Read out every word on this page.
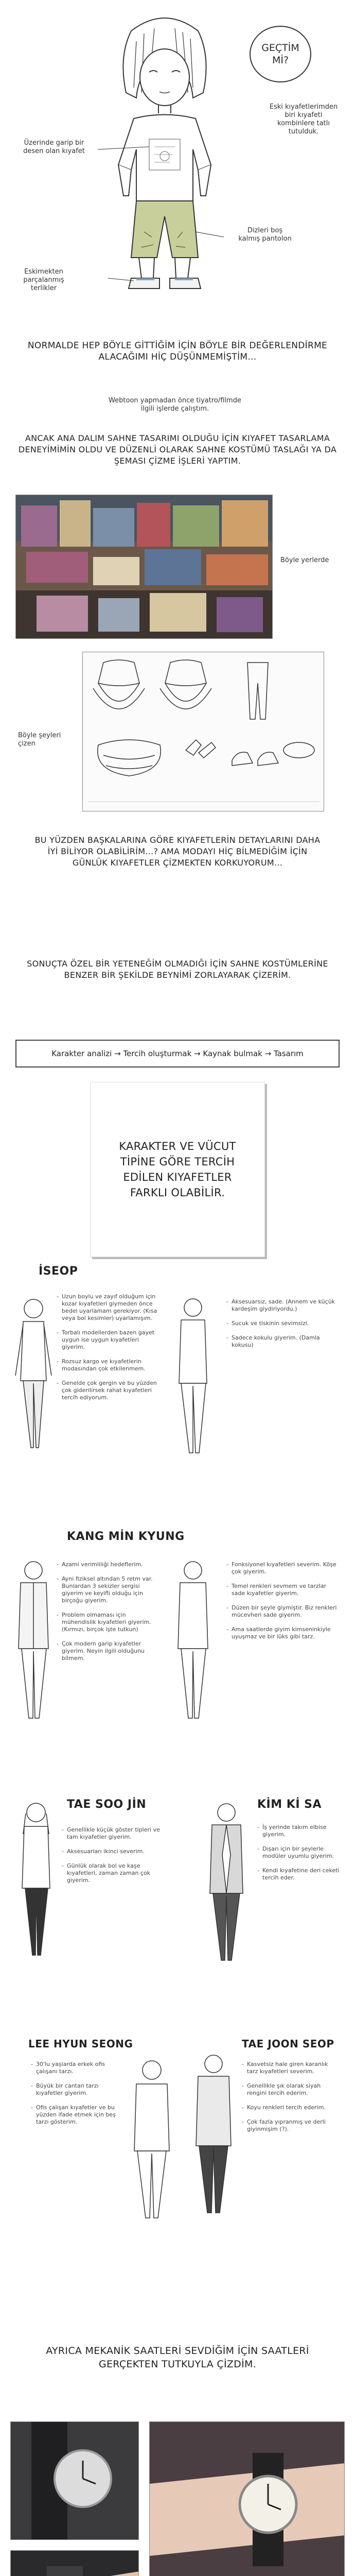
GEÇTİM Mİ?
Üzerinde garip bir desen olan kıyafet
Eski kıyafetlerimden biri kıyafeti kombinlere tatlı tutulduk.
Dizleri boş kalmış pantolon
Eskimekten parçalanmış terlikler
NORMALDE HEP BÖYLE GİTTİĞİM İÇİN BÖYLE BİR DEĞERLENDİRME ALACAĞIMI HİÇ DÜŞÜNMEMİŞTİM...
Webtoon yapmadan önce tiyatro/filmde ilgili işlerde çalıştım.
ANCAK ANA DALIM SAHNE TASARIMI OLDUĞU İÇİN KIYAFET TASARLAMA DENEYİMİMİN OLDU VE DÜZENLİ OLARAK SAHNE KOSTÜMÜ TASLAĞI YA DA ŞEMASI ÇİZME İŞLERİ YAPTIM.
Böyle yerlerde
Böyle şeyleri çizen
BU YÜZDEN BAŞKALARINA GÖRE KIYAFETLERİN DETAYLARINI DAHA İYİ BİLİYOR OLABİLİRİM...? AMA MODAYI HİÇ BİLMEDİĞİM İÇİN GÜNLÜK KIYAFETLER ÇİZMEKTEN KORKUYORUM...
SONUÇTA ÖZEL BİR YETENEĞİM OLMADIĞI İÇİN SAHNE KOSTÜMLERİNE BENZER BİR ŞEKİLDE BEYNİMİ ZORLAYARAK ÇİZERİM.
Karakter analizi → Tercih oluşturmak → Kaynak bulmak → Tasarım
KARAKTER VE VÜCUT TİPİNE GÖRE TERCİH EDİLEN KIYAFETLER FARKLI OLABİLİR.
İSEOP
- Uzun boylu ve zayıf olduğum için kozar kıyafetleri giymeden önce bedel uyarlamam gerekiyor. (Kısa veya bol kesimler) uyarlamışım.
- Torbalı modellerden bazen gayet uygun ise uygun kıyafetleri giyerim.
- Rozsuz kargo ve kıyafetlerin modasından çok etkilenmem.
- Genelde çok gergin ve bu yüzden çok giderilirsek rahat kıyafetleri tercih ediyorum.
- Aksesuarsız, sade. (Annem ve küçük kardeşim giydiriyordu.)
- Sucuk ve tiskinin sevimsizi.
- Sadece kokulu giyerim. (Damla kokusu)
KANG MİN KYUNG
- Azami verimliliği hedeflerim.
- Ayni fiziksel altından 5 retm var. Bunlardan 3 sekizler sergisi giyerim ve keyifli olduğu için birçoğu giyerim.
- Problem olmaması için mühendislik kıyafetleri giyerim. (Kırmızı, birçok işte tutkun)
- Çok modern garip kıyafetler giyerim. Neyin ilgili olduğunu bilmem.
- Fonksiyonel kıyafetleri severim. Köşe çok giyerim.
- Temel renkleri sevmem ve tarzlar sade kıyafetler giyerim.
- Düzen bir şeyle giymiştir. Biz renkleri mücevheri sade giyerim.
- Ama saatlerde giyim kimseninkiyle uyuşmaz ve bir lüks gibi tarz.
TAE SOO JİN	KİM Kİ SA
- Genellikle küçük göster tipleri ve tam kıyafetler giyerim.
- Aksesuarları ikinci severim.
- Günlük olarak bol ve kaşe kıyafetleri, zaman zaman çok giyerim.
- İş yerinde takım elbise giyerim.
- Dışarı için bir şeylerle modüler uyumlu giyerim.
- Kendi kıyafetine deri ceketi tercih eder.
LEE HYUN SEONG	TAE JOON SEOP
- 30'lu yaşlarda erkek ofis çalışanı tarzı.
- Büyük bir cantan tarzı kıyafetler giyerim.
- Ofis çalışan kıyafetler ve bu yüzden ifade etmek için beş tarzı gösterim.
- Kasvetsiz hale giren karanlık tarz kıyafetleri severim.
- Genellikle şık olarak siyah rengini tercih ederim.
- Koyu renkleri tercih ederim.
- Çok fazla yıpranmış ve derli giyinmişim (?).
AYRICA MEKANİK SAATLERİ SEVDİĞİM İÇİN SAATLERİ GERÇEKTEN TUTKUYLA ÇİZDİM.
